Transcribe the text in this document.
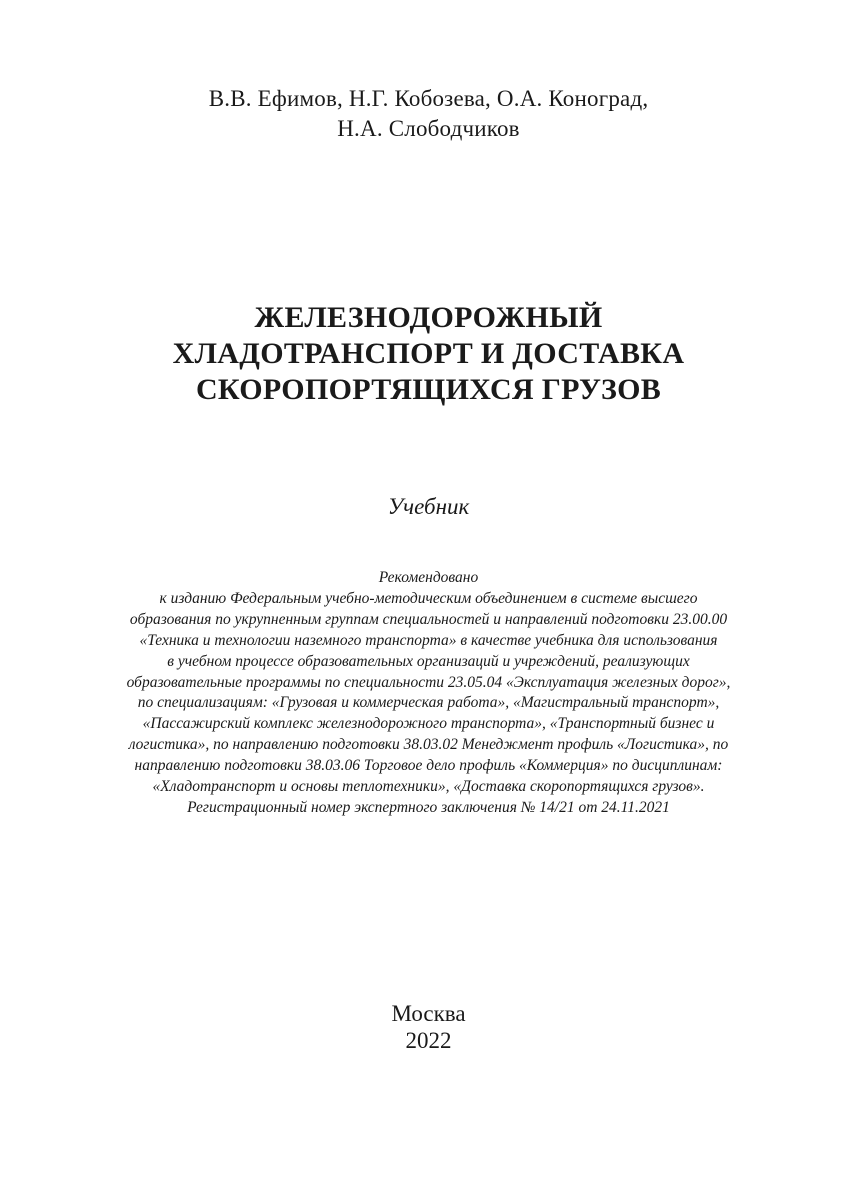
В.В. Ефимов, Н.Г. Кобозева, О.А. Коноград,
Н.А. Слободчиков
ЖЕЛЕЗНОДОРОЖНЫЙ
ХЛАДОТРАНСПОРТ И ДОСТАВКА
СКОРОПОРТЯЩИХСЯ ГРУЗОВ
Учебник
Рекомендовано
к изданию Федеральным учебно-методическим объединением в системе высшего
образования по укрупненным группам специальностей и направлений подготовки 23.00.00
«Техника и технологии наземного транспорта» в качестве учебника для использования
в учебном процессе образовательных организаций и учреждений, реализующих
образовательные программы по специальности 23.05.04 «Эксплуатация железных дорог»,
по специализациям: «Грузовая и коммерческая работа», «Магистральный транспорт»,
«Пассажирский комплекс железнодорожного транспорта», «Транспортный бизнес и
логистика», по направлению подготовки 38.03.02 Менеджмент профиль «Логистика», по
направлению подготовки 38.03.06 Торговое дело профиль «Коммерция» по дисциплинам:
«Хладотранспорт и основы теплотехники», «Доставка скоропортящихся грузов».
Регистрационный номер экспертного заключения № 14/21 от 24.11.2021
Москва
2022
